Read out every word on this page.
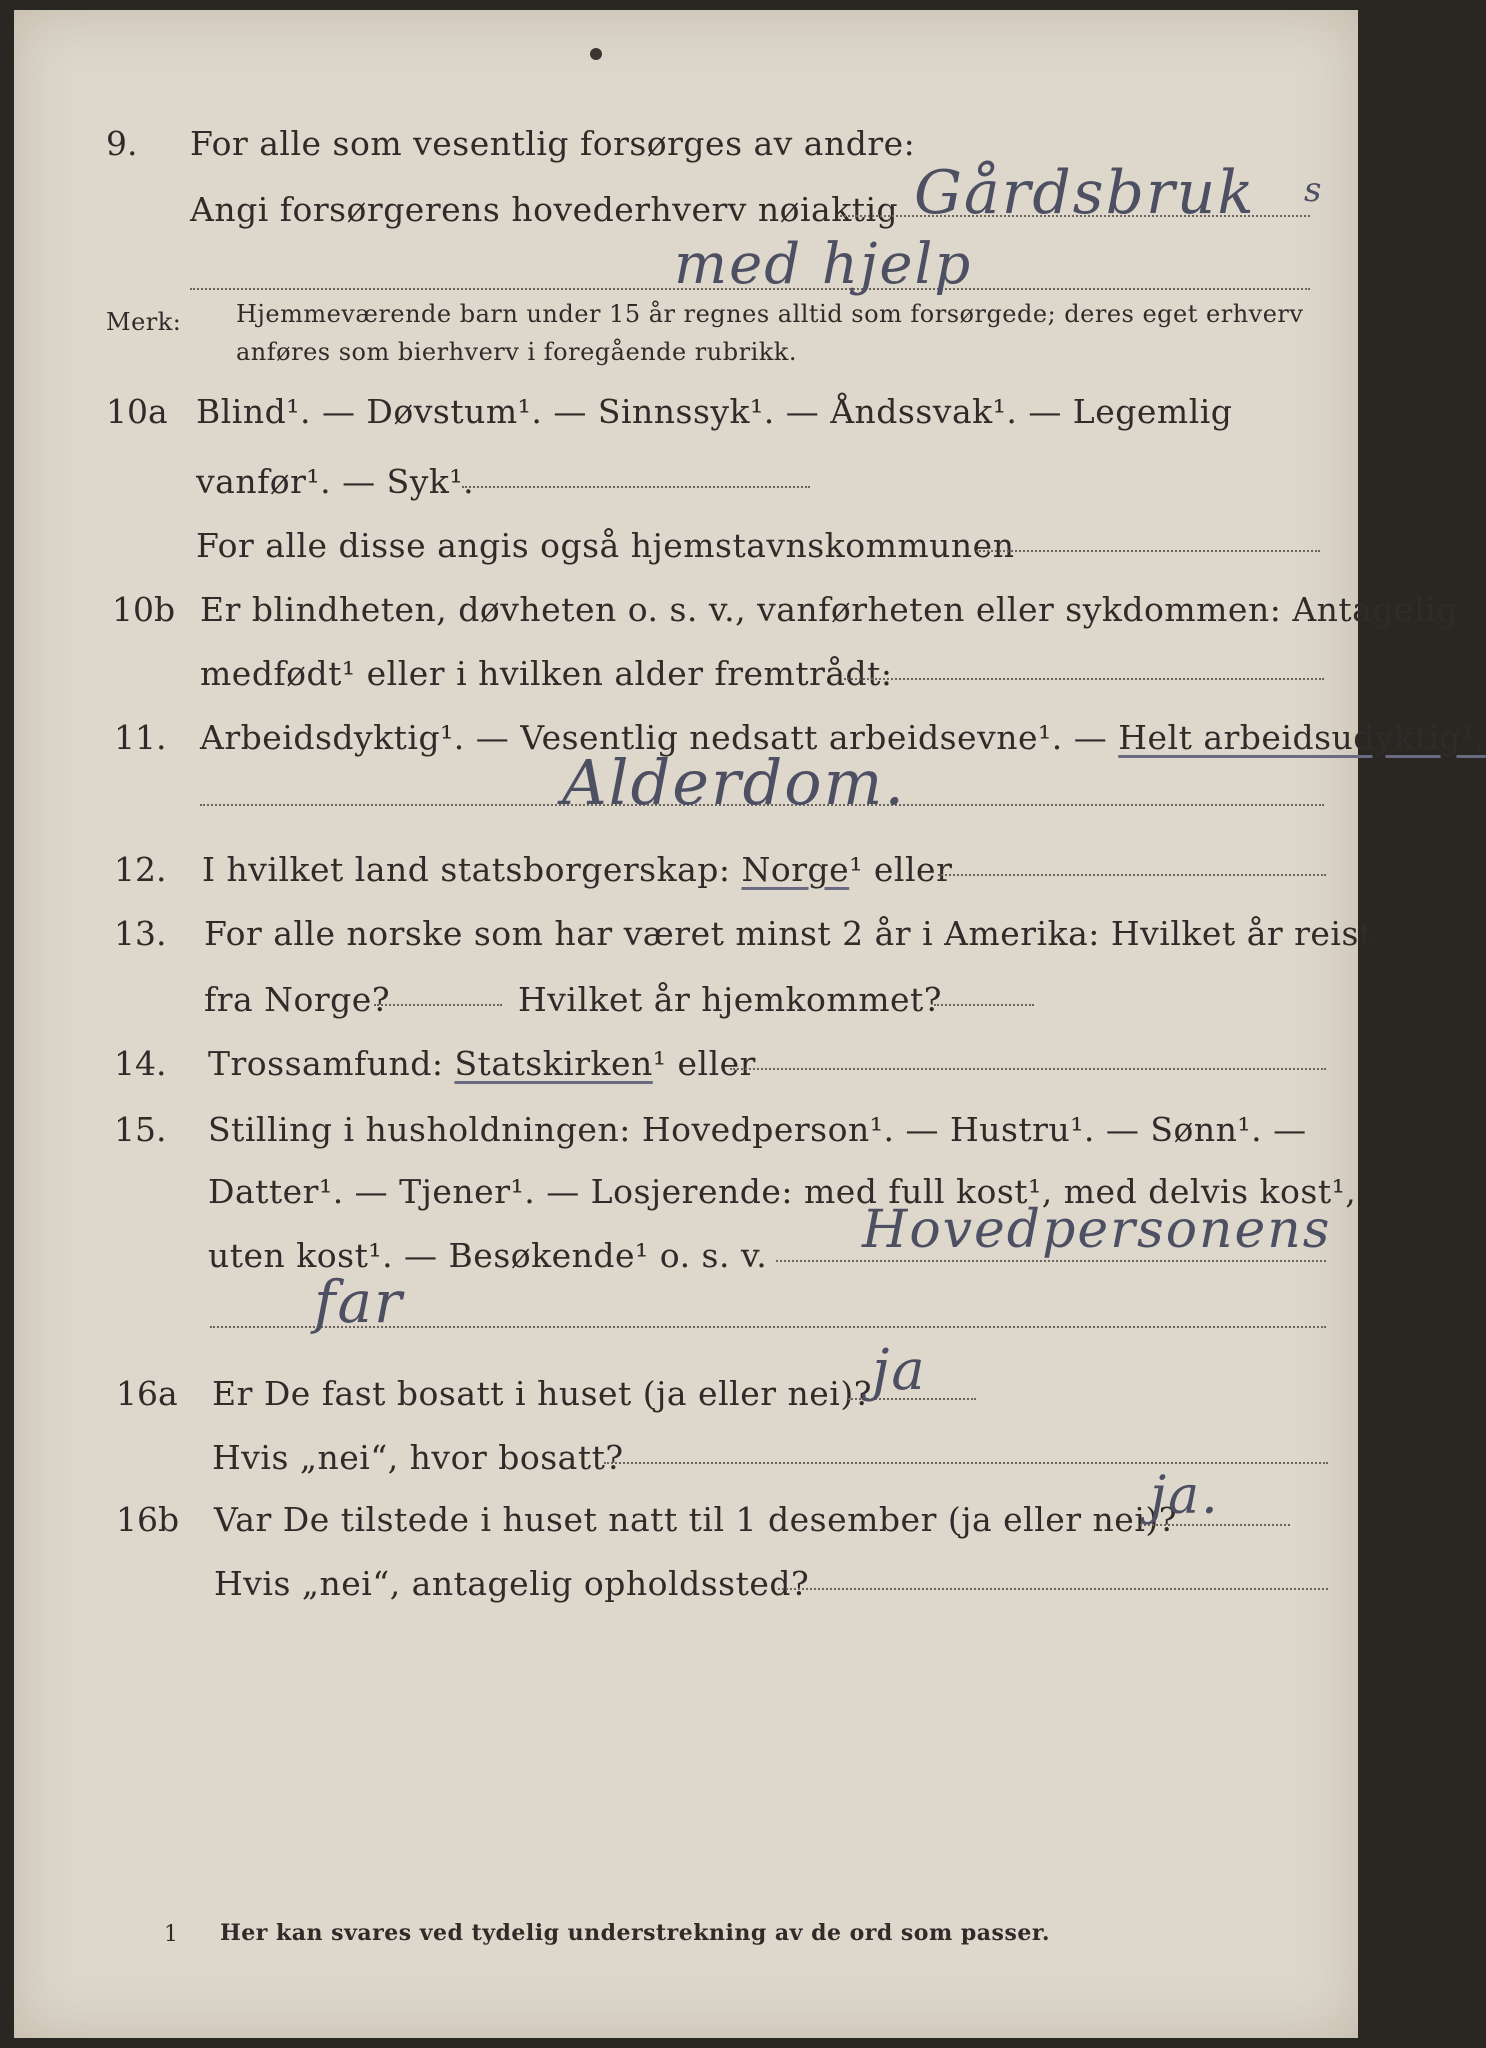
9. For alle som vesentlig forsørges av andre:
Angi forsørgerens hovederhverv nøiaktig Gårdsbruk s
med hjelp
Merk: Hjemmeværende barn under 15 år regnes alltid som forsørgede; deres eget erhverv
anføres som bierhverv i foregående rubrikk.
10a Blind¹. — Døvstum¹. — Sinnssyk¹. — Åndssvak¹. — Legemlig
vanfør¹. — Syk¹.
For alle disse angis også hjemstavnskommunen
10b Er blindheten, døvheten o. s. v., vanførheten eller sykdommen: Antagelig
medfødt¹ eller i hvilken alder fremtrådt:
11. Arbeidsdyktig¹. — Vesentlig nedsatt arbeidsevne¹. — Helt arbeidsudyktig¹.
Alderdom.
12. I hvilket land statsborgerskap: Norge¹ eller
13. For alle norske som har været minst 2 år i Amerika: Hvilket år reist
fra Norge?	Hvilket år hjemkommet?
14. Trossamfund: Statskirken¹ eller
15. Stilling i husholdningen: Hovedperson¹. — Hustru¹. — Sønn¹. —
Datter¹. — Tjener¹. — Losjerende: med full kost¹, med delvis kost¹,
uten kost¹. — Besøkende¹ o. s. v. Hovedpersonens
far
16a Er De fast bosatt i huset (ja eller nei)? ja
Hvis „nei“, hvor bosatt?
16b Var De tilstede i huset natt til 1 desember (ja eller nei)?
ja.
Hvis „nei“, antagelig opholdssted?
1 Her kan svares ved tydelig understrekning av de ord som passer.
